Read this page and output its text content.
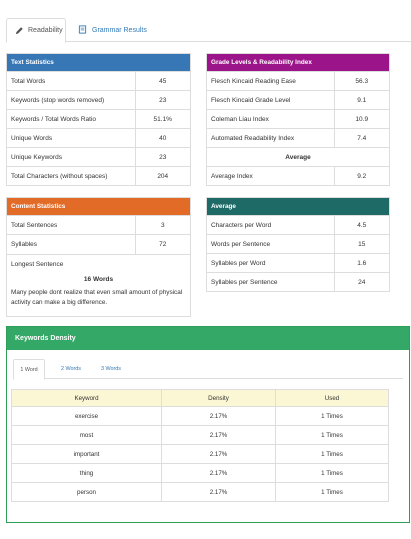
Readability	Grammar Results
Text Statistics
Total Words	45
Keywords (stop words removed)	23
Keywords / Total Words Ratio	51.1%
Unique Words	40
Unique Keywords	23
Total Characters (without spaces)	204
Grade Levels & Readability Index
Flesch Kincaid Reading Ease	56.3
Flesch Kincaid Grade Level	9.1
Coleman Liau Index	10.9
Automated Readability Index	7.4
Average	
Average Index	9.2
Content Statistics
Total Sentences	3
Syllables	72
Longest Sentence
16 Words
Many people dont realize that even small amount of physical activity can make a big difference.
Average
Characters per Word	4.5
Words per Sentence	15
Syllables per Word	1.6
Syllables per Sentence	24
Keywords Density
1 Word	2 Words	3 Words
Keyword	Density	Used
exercise	2.17%	1 Times
most	2.17%	1 Times
important	2.17%	1 Times
thing	2.17%	1 Times
person	2.17%	1 Times
